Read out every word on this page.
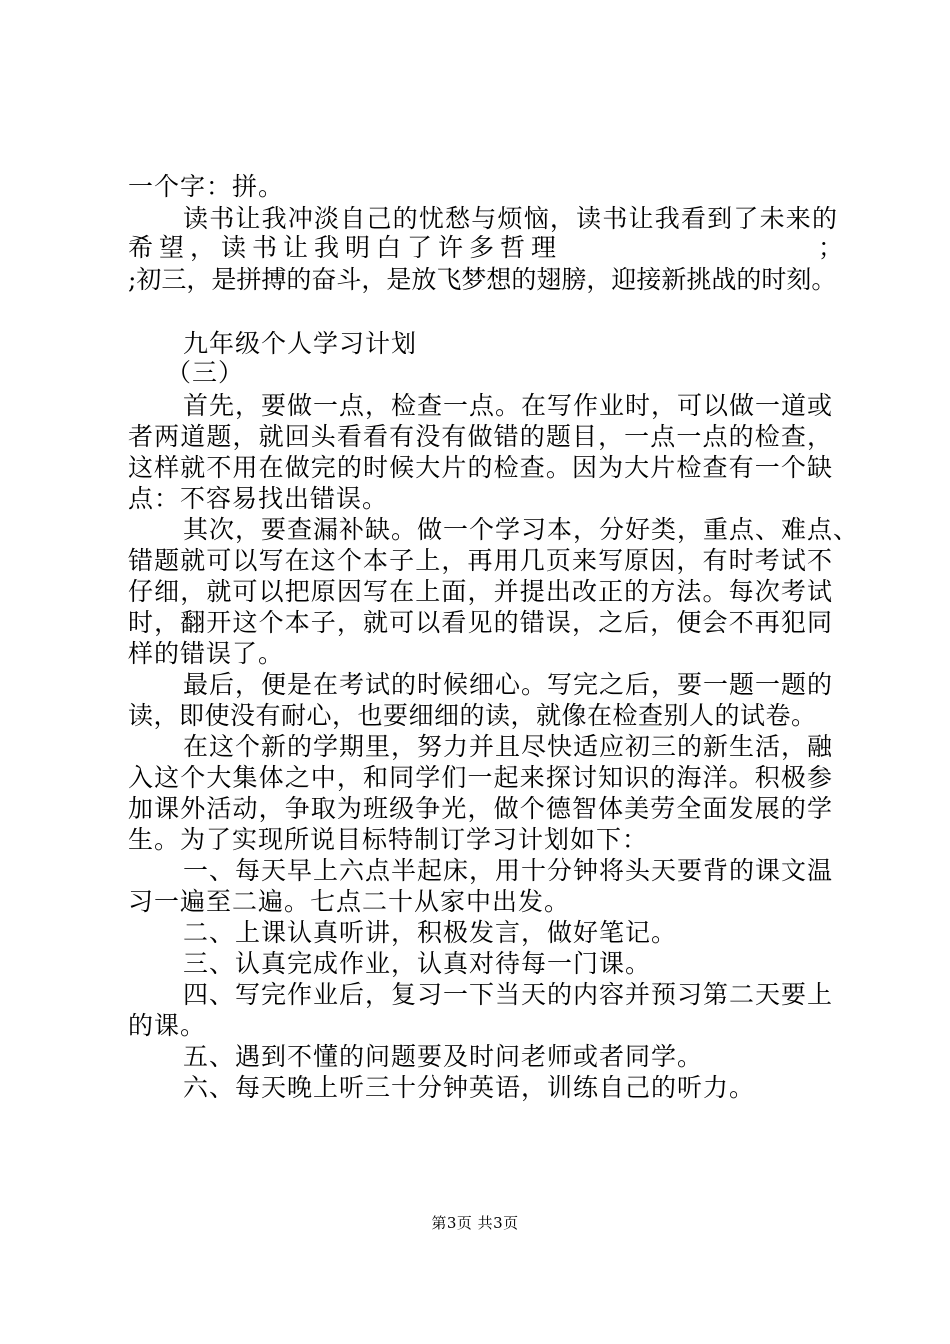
一个字：拼。
读书让我冲淡自己的忧愁与烦恼，读书让我看到了未来的
希望，读书让我明白了许多哲理	；
;初三，是拼搏的奋斗，是放飞梦想的翅膀，迎接新挑战的时刻。
九年级个人学习计划
（三）
首先，要做一点，检查一点。在写作业时，可以做一道或
者两道题，就回头看看有没有做错的题目，一点一点的检查，
这样就不用在做完的时候大片的检查。因为大片检查有一个缺
点：不容易找出错误。
其次，要查漏补缺。做一个学习本，分好类，重点、难点、
错题就可以写在这个本子上，再用几页来写原因，有时考试不
仔细，就可以把原因写在上面，并提出改正的方法。每次考试
时，翻开这个本子，就可以看见的错误，之后，便会不再犯同
样的错误了。
最后，便是在考试的时候细心。写完之后，要一题一题的
读，即使没有耐心，也要细细的读，就像在检查别人的试卷。
在这个新的学期里，努力并且尽快适应初三的新生活，融
入这个大集体之中，和同学们一起来探讨知识的海洋。积极参
加课外活动，争取为班级争光，做个德智体美劳全面发展的学
生。为了实现所说目标特制订学习计划如下：
一、每天早上六点半起床，用十分钟将头天要背的课文温
习一遍至二遍。七点二十从家中出发。
二、上课认真听讲，积极发言，做好笔记。
三、认真完成作业，认真对待每一门课。
四、写完作业后，复习一下当天的内容并预习第二天要上
的课。
五、遇到不懂的问题要及时问老师或者同学。
六、每天晚上听三十分钟英语，训练自己的听力。
第3页 共3页
